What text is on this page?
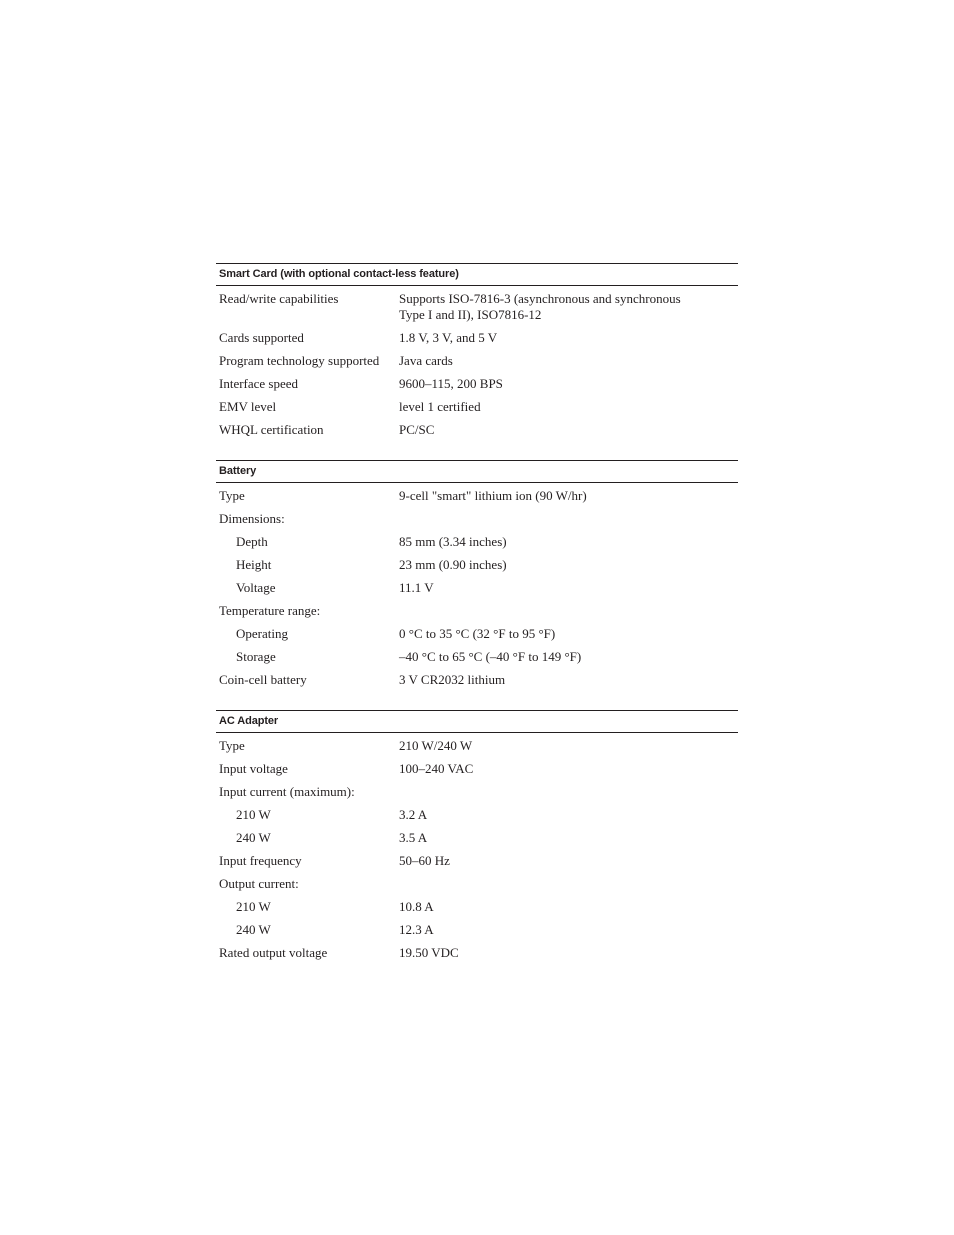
Smart Card (with optional contact-less feature)
Read/write capabilities	Supports ISO-7816-3 (asynchronous and synchronous
Type I and II), ISO7816-12
Cards supported	1.8 V, 3 V, and 5 V
Program technology supported	Java cards
Interface speed	9600–115, 200 BPS
EMV level	level 1 certified
WHQL certification	PC/SC
Battery
Type	9-cell "smart" lithium ion (90 W/hr)
Dimensions:
Depth	85 mm (3.34 inches)
Height	23 mm (0.90 inches)
Voltage	11.1 V
Temperature range:
Operating	0 °C to 35 °C (32 °F to 95 °F)
Storage	–40 °C to 65 °C (–40 °F to 149 °F)
Coin-cell battery	3 V CR2032 lithium
AC Adapter
Type	210 W/240 W
Input voltage	100–240 VAC
Input current (maximum):
210 W	3.2 A
240 W	3.5 A
Input frequency	50–60 Hz
Output current:
210 W	10.8 A
240 W	12.3 A
Rated output voltage	19.50 VDC
